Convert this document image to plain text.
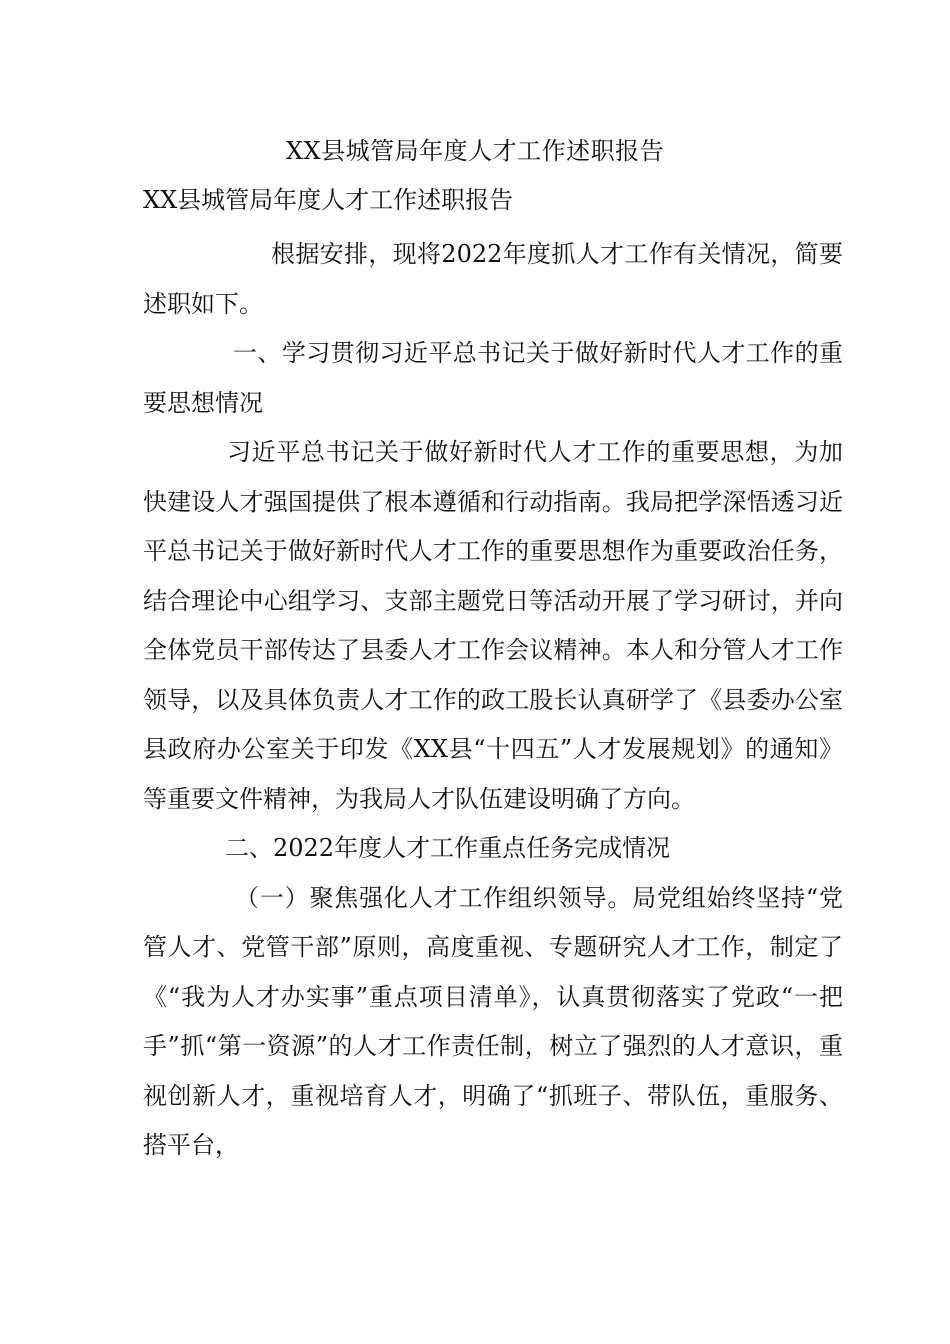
XX县城管局年度人才工作述职报告
XX县城管局年度人才工作述职报告

根据安排，现将2022年度抓人才工作有关情况，简要述职如下。

一、学习贯彻习近平总书记关于做好新时代人才工作的重要思想情况

习近平总书记关于做好新时代人才工作的重要思想，为加快建设人才强国提供了根本遵循和行动指南。我局把学深悟透习近平总书记关于做好新时代人才工作的重要思想作为重要政治任务，结合理论中心组学习、支部主题党日等活动开展了学习研讨，并向全体党员干部传达了县委人才工作会议精神。本人和分管人才工作领导，以及具体负责人才工作的政工股长认真研学了《县委办公室县政府办公室关于印发《XX县“十四五”人才发展规划》的通知》等重要文件精神，为我局人才队伍建设明确了方向。

二、2022年度人才工作重点任务完成情况

（一）聚焦强化人才工作组织领导。局党组始终坚持“党管人才、党管干部”原则，高度重视、专题研究人才工作，制定了《“我为人才办实事”重点项目清单》，认真贯彻落实了党政“一把手”抓“第一资源”的人才工作责任制，树立了强烈的人才意识，重视创新人才，重视培育人才，明确了“抓班子、带队伍，重服务、搭平台，
